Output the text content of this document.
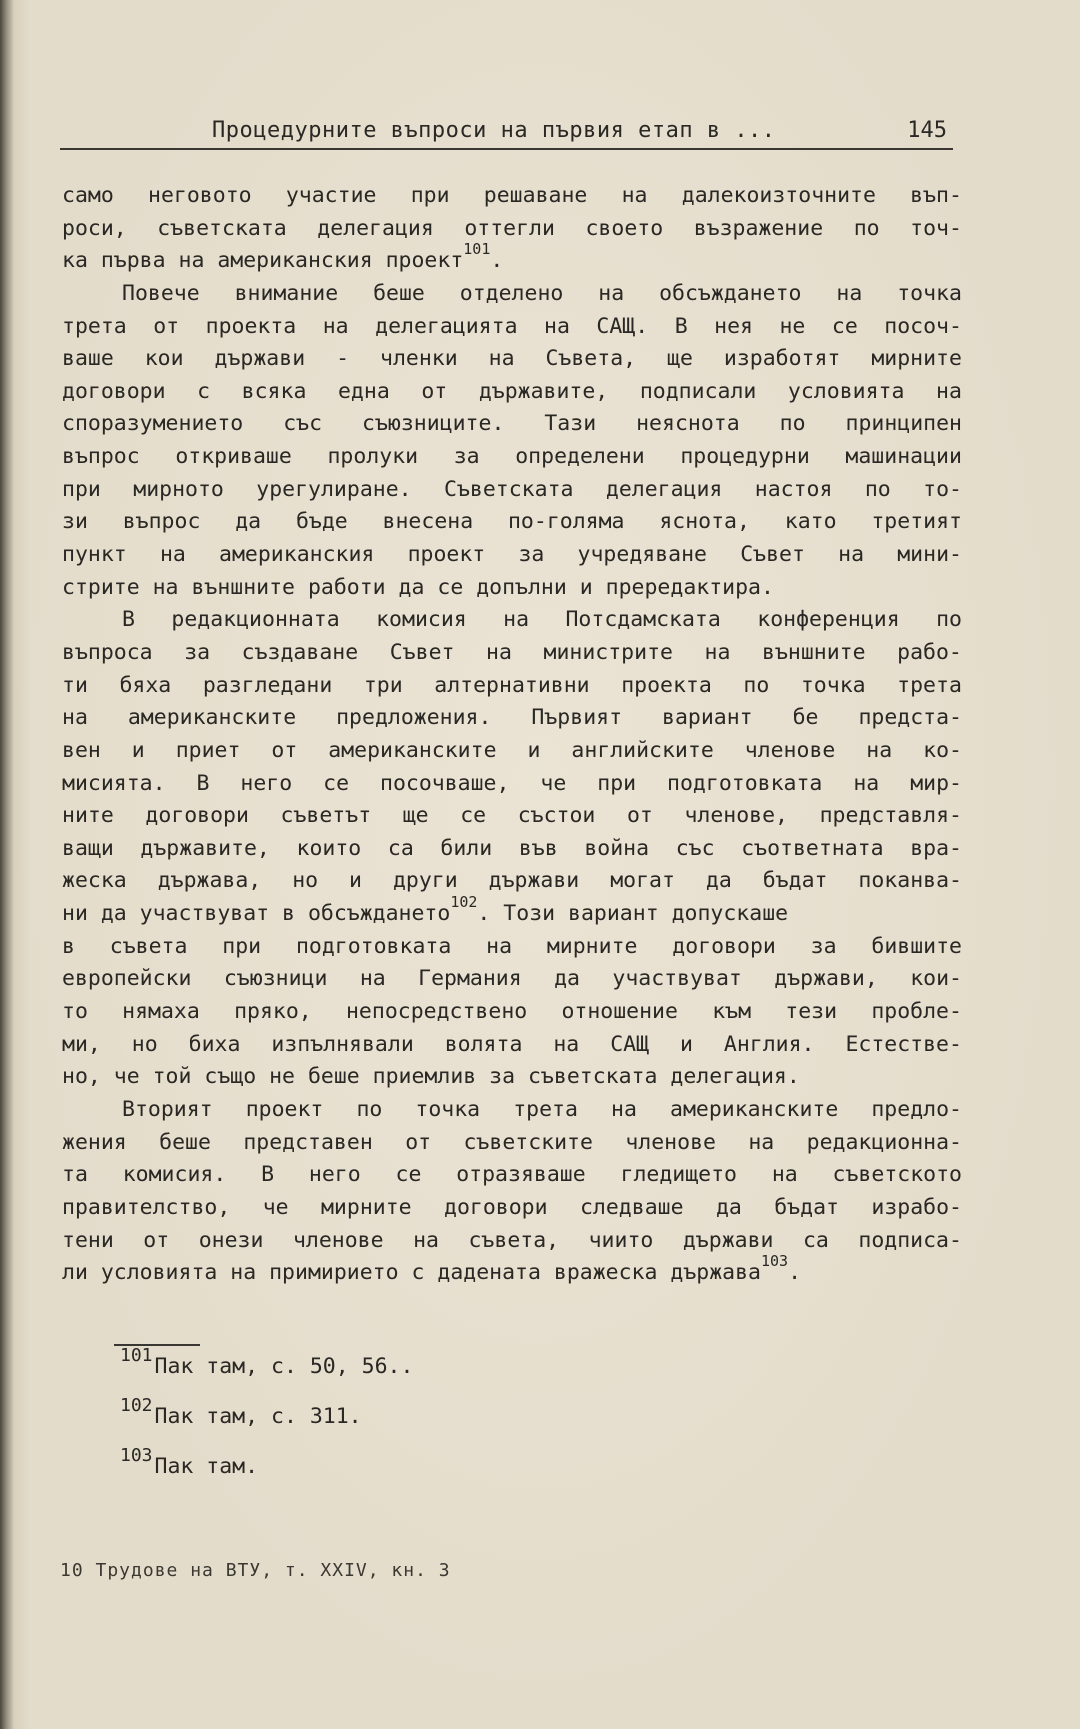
Процедурните въпроси на първия етап в ...	145
само неговото участие при решаване на далекоизточните въп-
роси, съветската делегация оттегли своето възражение по точ-
ка първа на американския проект 101 .
Повече внимание беше отделено на обсъждането на точка
трета от проекта на делегацията на САЩ. В нея не се посоч-
ваше кои държави - членки на Съвета, ще изработят мирните
договори с всяка една от държавите, подписали условията на
споразумението със съюзниците. Тази неяснота по принципен
въпрос откриваше пролуки за определени процедурни машинации
при мирното урегулиране. Съветската делегация настоя по то-
зи въпрос да бъде внесена по-голяма яснота, като третият
пункт на американския проект за учредяване Съвет на мини-
стрите на външните работи да се допълни и прередактира.
В редакционната комисия на Потсдамската конференция по
въпроса за създаване Съвет на министрите на външните рабо-
ти бяха разгледани три алтернативни проекта по точка трета
на американските предложения. Първият вариант бе предста-
вен и приет от американските и английските членове на ко-
мисията. В него се посочваше, че при подготовката на мир-
ните договори съветът ще се състои от членове, представля-
ващи държавите, които са били във война със съответната вра-
жеска държава, но и други държави могат да бъдат поканва-
ни да участвуват в обсъждането 102 . Този вариант допускаше
в съвета при подготовката на мирните договори за бившите
европейски съюзници на Германия да участвуват държави, кои-
то нямаха пряко, непосредствено отношение към тези пробле-
ми, но биха изпълнявали волята на САЩ и Англия. Естестве-
но, че той също не беше приемлив за съветската делегация.
Вторият проект по точка трета на американските предло-
жения беше представен от съветските членове на редакционна-
та комисия. В него се отразяваше гледището на съветското
правителство, че мирните договори следваше да бъдат изрaбо-
тени от онези членове на съвета, чиито държави са подписа-
ли условията на примирието с дадената вражеска държава 103 .
$^{101}$Пак там, с. 50, 56..
$^{102}$Пак там, с. 311.
$^{103}$Пак там.
10 Трудове на ВТУ, т. XXIV, кн. 3
